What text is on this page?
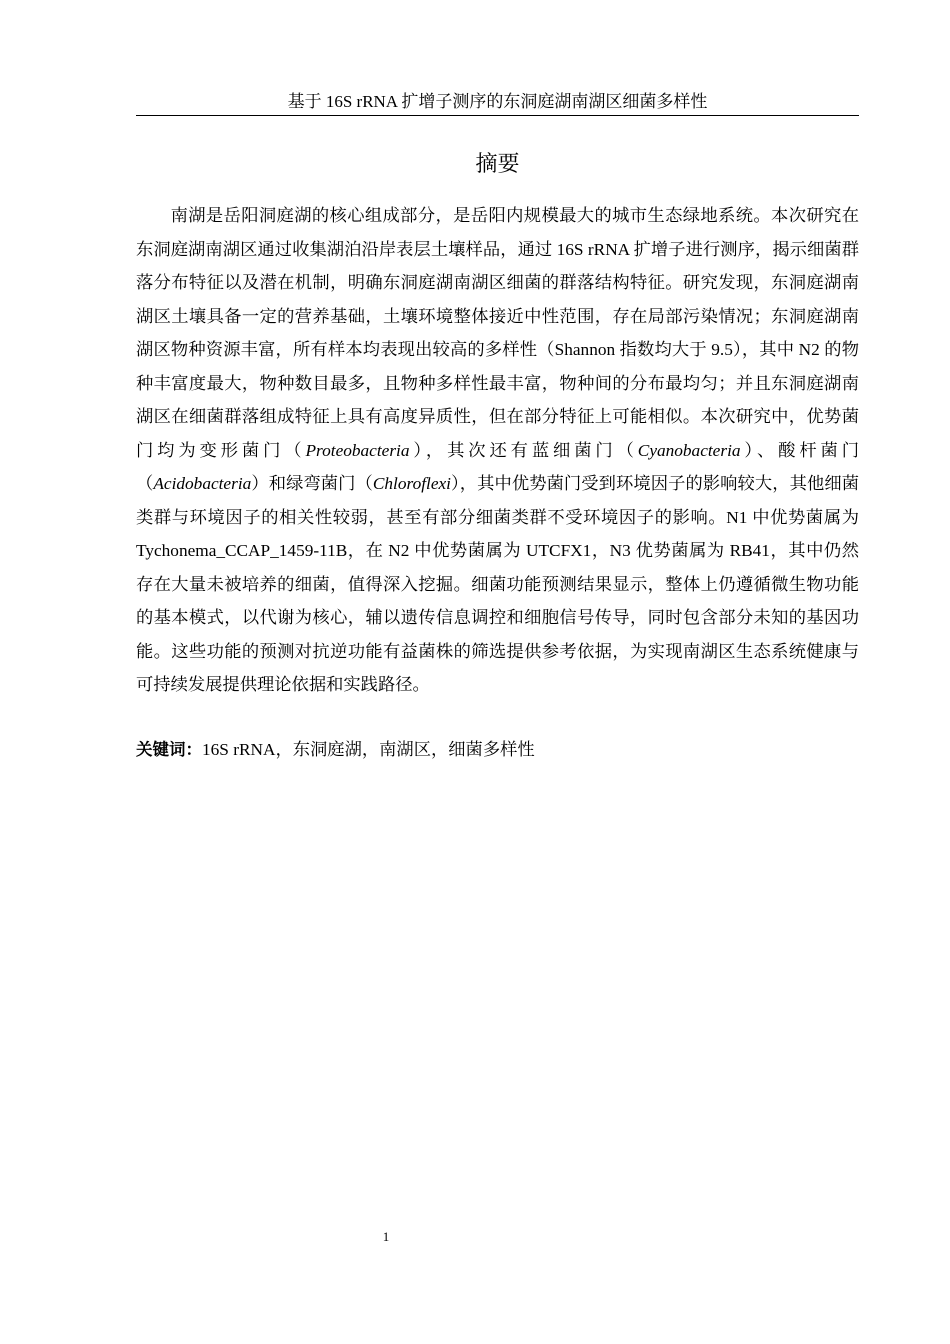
基于 16S rRNA 扩增子测序的东洞庭湖南湖区细菌多样性
摘要

南湖是岳阳洞庭湖的核心组成部分，是岳阳内规模最大的城市生态绿地系统。本次研究在东洞庭湖南湖区通过收集湖泊沿岸表层土壤样品，通过 16S rRNA 扩增子进行测序，揭示细菌群落分布特征以及潜在机制，明确东洞庭湖南湖区细菌的群落结构特征。研究发现，东洞庭湖南湖区土壤具备一定的营养基础，土壤环境整体接近中性范围，存在局部污染情况；东洞庭湖南湖区物种资源丰富，所有样本均表现出较高的多样性（Shannon 指数均大于 9.5），其中 N2 的物种丰富度最大，物种数目最多，且物种多样性最丰富，物种间的分布最均匀；并且东洞庭湖南湖区在细菌群落组成特征上具有高度异质性，但在部分特征上可能相似。本次研究中，优势菌门均为变形菌门（Proteobacteria），其次还有蓝细菌门（Cyanobacteria）、酸杆菌门（Acidobacteria）和绿弯菌门（Chloroflexi），其中优势菌门受到环境因子的影响较大，其他细菌类群与环境因子的相关性较弱，甚至有部分细菌类群不受环境因子的影响。N1 中优势菌属为 Tychonema_CCAP_1459-11B，在 N2 中优势菌属为 UTCFX1，N3 优势菌属为 RB41，其中仍然存在大量未被培养的细菌，值得深入挖掘。细菌功能预测结果显示，整体上仍遵循微生物功能的基本模式，以代谢为核心，辅以遗传信息调控和细胞信号传导，同时包含部分未知的基因功能。这些功能的预测对抗逆功能有益菌株的筛选提供参考依据，为实现南湖区生态系统健康与可持续发展提供理论依据和实践路径。

关键词：16S rRNA，东洞庭湖，南湖区，细菌多样性

1
